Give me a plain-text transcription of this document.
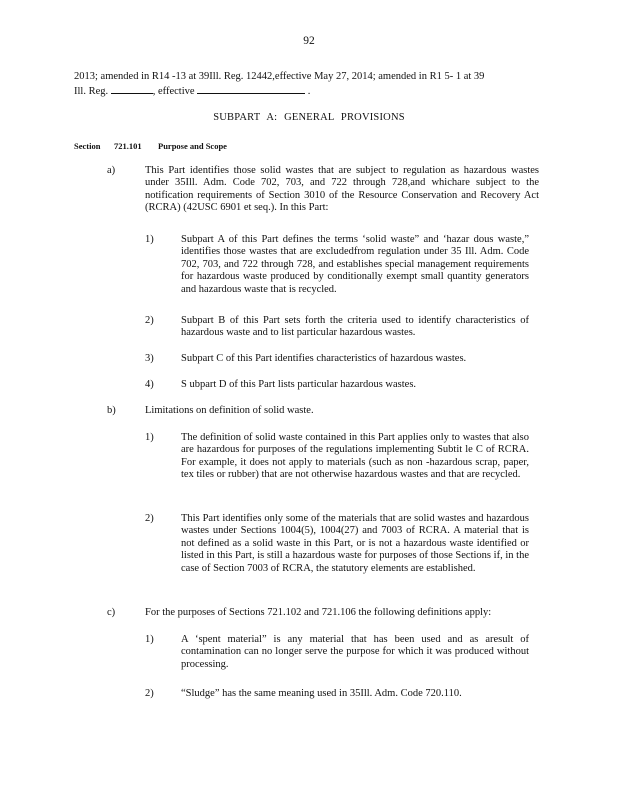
92
2013; amended in R14 -13 at 39Ill. Reg. 12442,effective May 27, 2014; amended in R1 5- 1 at 39
Ill. Reg.	, effective	.
SUBPART A: GENERAL PROVISIONS
Section 721.101 Purpose and Scope
a)	This Part identifies those solid wastes that are subject to regulation as hazardous wastes under 35Ill. Adm. Code 702, 703, and 722 through 728,and whichare subject to the notification requirements of Section 3010 of the Resource Conservation and Recovery Act (RCRA) (42USC 6901 et seq.). In this Part:
1)	Subpart A of this Part defines the terms ‘solid waste” and ‘hazar dous waste,” identifies those wastes that are excludedfrom regulation under 35 Ill. Adm. Code 702, 703, and 722 through 728, and establishes special management requirements for hazardous waste produced by conditionally exempt small quantity generators and hazardous waste that is recycled.
2)	Subpart B of this Part sets forth the criteria used to identify characteristics of hazardous waste and to list particular hazardous wastes.
3)	Subpart C of this Part identifies characteristics of hazardous wastes.
4)	S ubpart D of this Part lists particular hazardous wastes.
b)	Limitations on definition of solid waste.
1)	The definition of solid waste contained in this Part applies only to wastes that also are hazardous for purposes of the regulations implementing Subtit le C of RCRA. For example, it does not apply to materials (such as non -hazardous scrap, paper, tex tiles or rubber) that are not otherwise hazardous wastes and that are recycled.
2)	This Part identifies only some of the materials that are solid wastes and hazardous wastes under Sections 1004(5), 1004(27) and 7003 of RCRA. A material that is not defined as a solid waste in this Part, or is not a hazardous waste identified or listed in this Part, is still a hazardous waste for purposes of those Sections if, in the case of Section 7003 of RCRA, the statutory elements are established.
c)	For the purposes of Sections 721.102 and 721.106 the following definitions apply:
1)	A ‘spent material” is any material that has been used and as aresult of contamination can no longer serve the purpose for which it was produced without processing.
2)	“Sludge” has the same meaning used in 35Ill. Adm. Code 720.110.
